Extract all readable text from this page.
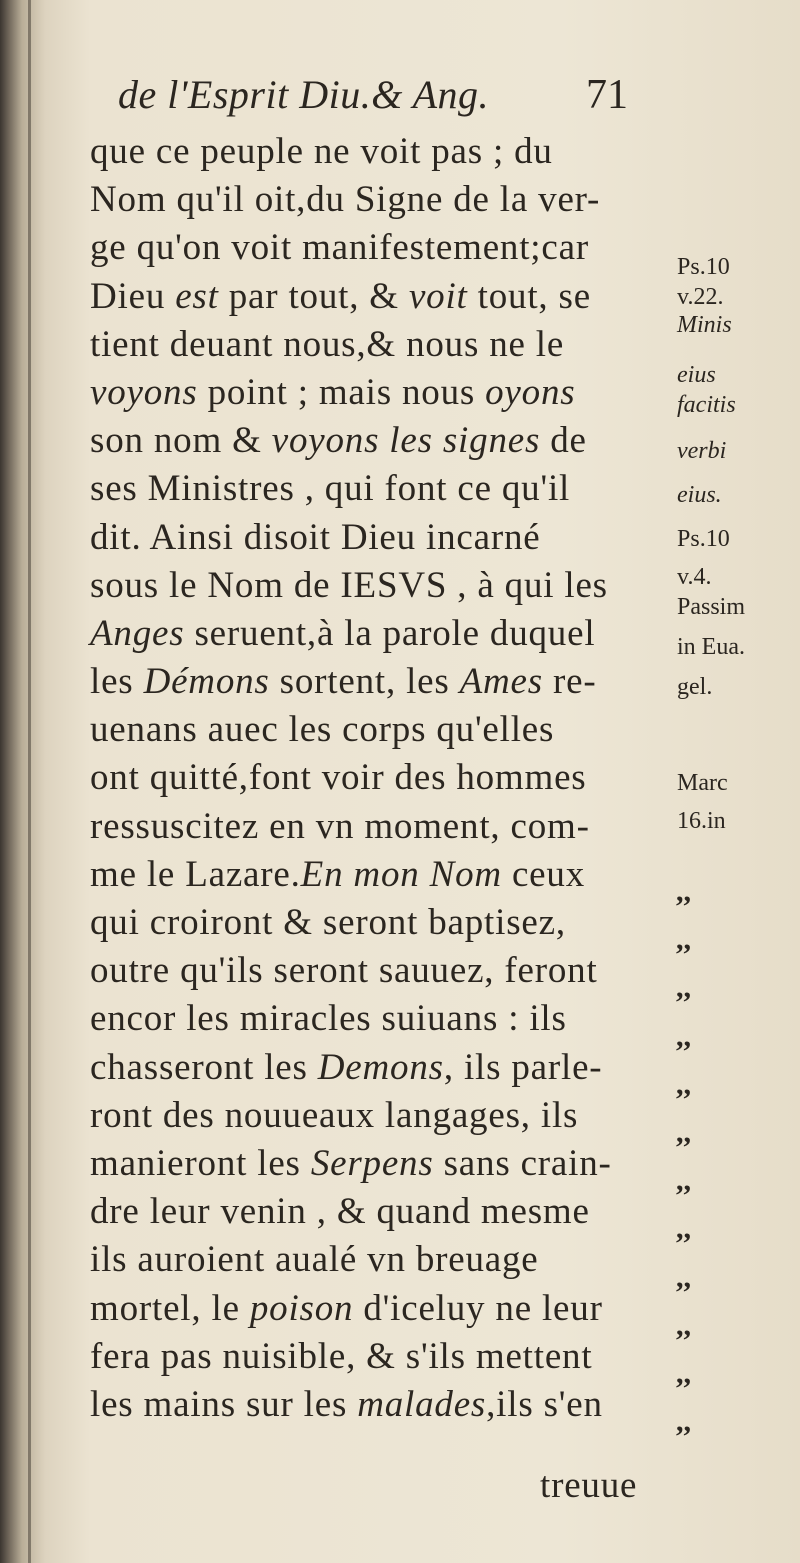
de l'Esprit Diu.& Ang. 71
que ce peuple ne voit pas ; du
Nom qu'il oit,du Signe de la ver-
ge qu'on voit manifestement;car
Dieu est par tout, & voit tout, se
tient deuant nous,& nous ne le
voyons point ; mais nous oyons
son nom & voyons les signes de
ses Ministres , qui font ce qu'il
dit. Ainsi disoit Dieu incarné
sous le Nom de IESVS , à qui les
Anges seruent,à la parole duquel
les Démons sortent, les Ames re-
uenans auec les corps qu'elles
ont quitté,font voir des hommes
ressuscitez en vn moment, com-
me le Lazare.En mon Nom ceux
qui croiront & seront baptisez,
outre qu'ils seront sauuez, feront
encor les miracles suiuans : ils
chasseront les Demons, ils parle-
ront des nouueaux langages, ils
manieront les Serpens sans crain-
dre leur venin , & quand mesme
ils auroient aualé vn breuage
mortel, le poison d'iceluy ne leur
fera pas nuisible, & s'ils mettent
les mains sur les malades,ils s'en
treuue
Ps.10
v.22.
Minis
eius
facitis
verbi
eius.
Ps.10
v.4.
Passim
in Eua.
gel.
Marc
16.in
,,
,,
,,
,,
,,
,,
,,
,,
,,
,,
,,
,,
